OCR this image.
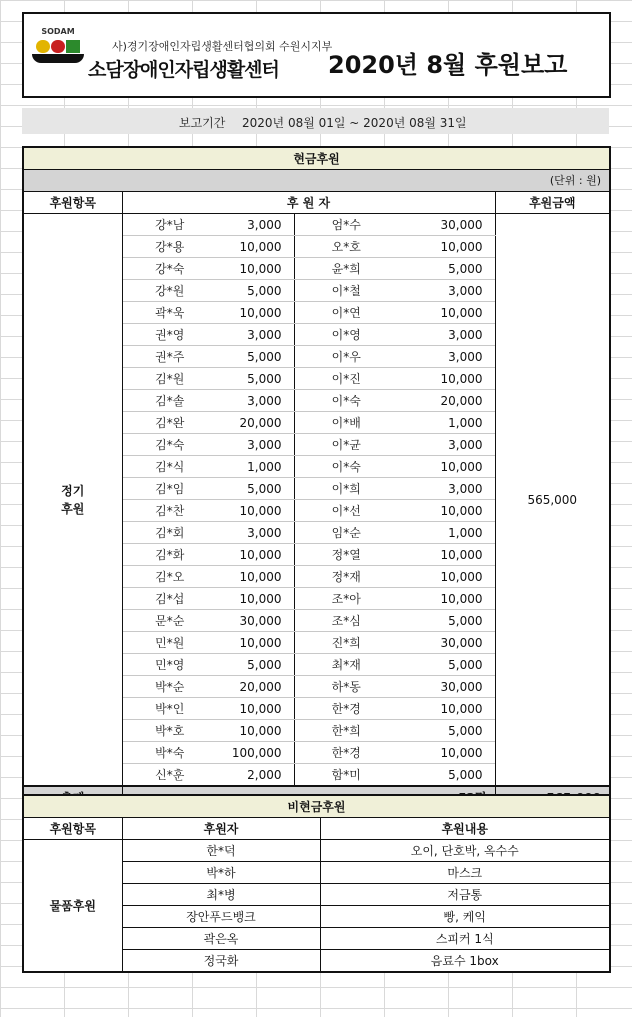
SODAM
사)경기장애인자립생활센터협의회 수원시지부
소담장애인자립생활센터 2020년 8월 후원보고
보고기간 2020년 08월 01일 ~ 2020년 08월 31일
현금후원					
(단위 : 원)					
후원항목	후 원 자				후원금액

정기
후원	강*남	3,000	엄*수	30,000	565,000
	강*용	10,000	오*호	10,000	
	강*숙	10,000	윤*희	5,000	
	강*원	5,000	이*철	3,000	
	곽*욱	10,000	이*연	10,000	
	권*영	3,000	이*영	3,000	
	권*주	5,000	이*우	3,000	
	김*원	5,000	이*진	10,000	
	김*솔	3,000	이*숙	20,000	
	김*완	20,000	이*배	1,000	
	김*숙	3,000	이*균	3,000	
	김*식	1,000	이*숙	10,000	
	김*임	5,000	이*희	3,000	
	김*찬	10,000	이*선	10,000	
	김*회	3,000	임*순	1,000	
	김*화	10,000	정*열	10,000	
	김*오	10,000	정*재	10,000	
	김*섭	10,000	조*아	10,000	
	문*순	30,000	조*심	5,000	
	민*원	10,000	진*희	30,000	
	민*영	5,000	최*재	5,000	
	박*순	20,000	하*동	30,000	
	박*인	10,000	한*경	10,000	
	박*호	10,000	한*희	5,000	
	박*숙	100,000	한*경	10,000	
	신*훈	2,000	함*미	5,000	

비현금후원		
후원항목	후원자	후원내용
물품후원	한*덕	오이, 단호박, 옥수수
	박*하	마스크
	최*병	저금통
	장안푸드뱅크	빵, 케익
	곽은옥	스피커 1식
	정국화	음료수 1box
